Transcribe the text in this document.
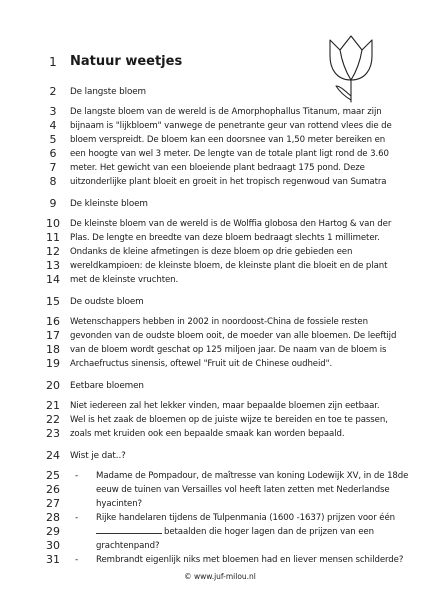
1	Natuur weetjes
2	De langste bloem
3	De langste bloem van de wereld is de Amorphophallus Titanum, maar zijn
4	bijnaam is "lijkbloem" vanwege de penetrante geur van rottend vlees die de
5	bloem verspreidt. De bloem kan een doorsnee van 1,50 meter bereiken en
6	een hoogte van wel 3 meter. De lengte van de totale plant ligt rond de 3.60
7	meter. Het gewicht van een bloeiende plant bedraagt 175 pond. Deze
8	uitzonderlijke plant bloeit en groeit in het tropisch regenwoud van Sumatra
9	De kleinste bloem
10	De kleinste bloem van de wereld is de Wolffia globosa den Hartog & van der
11	Plas. De lengte en breedte van deze bloem bedraagt slechts 1 millimeter.
12	Ondanks de kleine afmetingen is deze bloem op drie gebieden een
13	wereldkampioen: de kleinste bloem, de kleinste plant die bloeit en de plant
14	met de kleinste vruchten.
15	De oudste bloem
16	Wetenschappers hebben in 2002 in noordoost-China de fossiele resten
17	gevonden van de oudste bloem ooit, de moeder van alle bloemen. De leeftijd
18	van de bloem wordt geschat op 125 miljoen jaar. De naam van de bloem is
19	Archaefructus sinensis, oftewel "Fruit uit de Chinese oudheid".
20	Eetbare bloemen
21	Niet iedereen zal het lekker vinden, maar bepaalde bloemen zijn eetbaar.
22	Wel is het zaak de bloemen op de juiste wijze te bereiden en toe te passen,
23	zoals met kruiden ook een bepaalde smaak kan worden bepaald.
24	Wist je dat..?
25	- Madame de Pompadour, de maîtresse van koning Lodewijk XV, in de 18de
26	eeuw de tuinen van Versailles vol heeft laten zetten met Nederlandse
27	hyacinten?
28	- Rijke handelaren tijdens de Tulpenmania (1600 -1637) prijzen voor één
29	betaalden die hoger lagen dan de prijzen van een
30	grachtenpand?
31	- Rembrandt eigenlijk niks met bloemen had en liever mensen schilderde?
© www.juf-milou.nl
